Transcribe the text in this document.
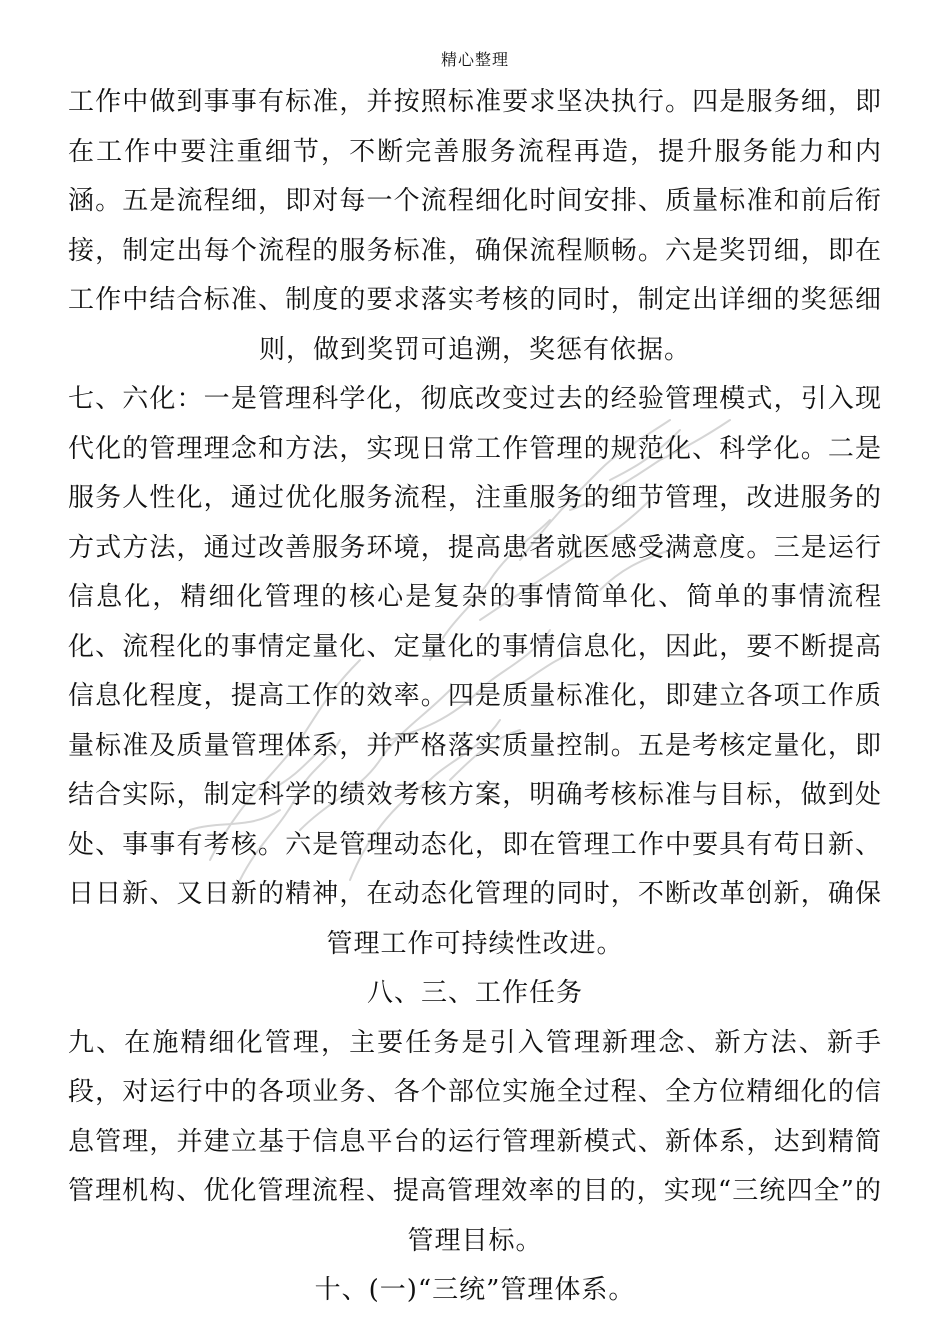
精心整理

工作中做到事事有标准，并按照标准要求坚决执行。四是服务细，即在工作中要注重细节，不断完善服务流程再造，提升服务能力和内涵。五是流程细，即对每一个流程细化时间安排、质量标准和前后衔接，制定出每个流程的服务标准，确保流程顺畅。六是奖罚细，即在工作中结合标准、制度的要求落实考核的同时，制定出详细的奖惩细则，做到奖罚可追溯，奖惩有依据。

七、六化：一是管理科学化，彻底改变过去的经验管理模式，引入现代化的管理理念和方法，实现日常工作管理的规范化、科学化。二是服务人性化，通过优化服务流程，注重服务的细节管理，改进服务的方式方法，通过改善服务环境，提高患者就医感受满意度。三是运行信息化，精细化管理的核心是复杂的事情简单化、简单的事情流程化、流程化的事情定量化、定量化的事情信息化，因此，要不断提高信息化程度，提高工作的效率。四是质量标准化，即建立各项工作质量标准及质量管理体系，并严格落实质量控制。五是考核定量化，即结合实际，制定科学的绩效考核方案，明确考核标准与目标，做到处处、事事有考核。六是管理动态化，即在管理工作中要具有苟日新、日日新、又日新的精神，在动态化管理的同时，不断改革创新，确保管理工作可持续性改进。

八、三、工作任务

九、在施精细化管理，主要任务是引入管理新理念、新方法、新手段，对运行中的各项业务、各个部位实施全过程、全方位精细化的信息管理，并建立基于信息平台的运行管理新模式、新体系，达到精简管理机构、优化管理流程、提高管理效率的目的，实现“三统四全”的管理目标。

十、(一)“三统”管理体系。
